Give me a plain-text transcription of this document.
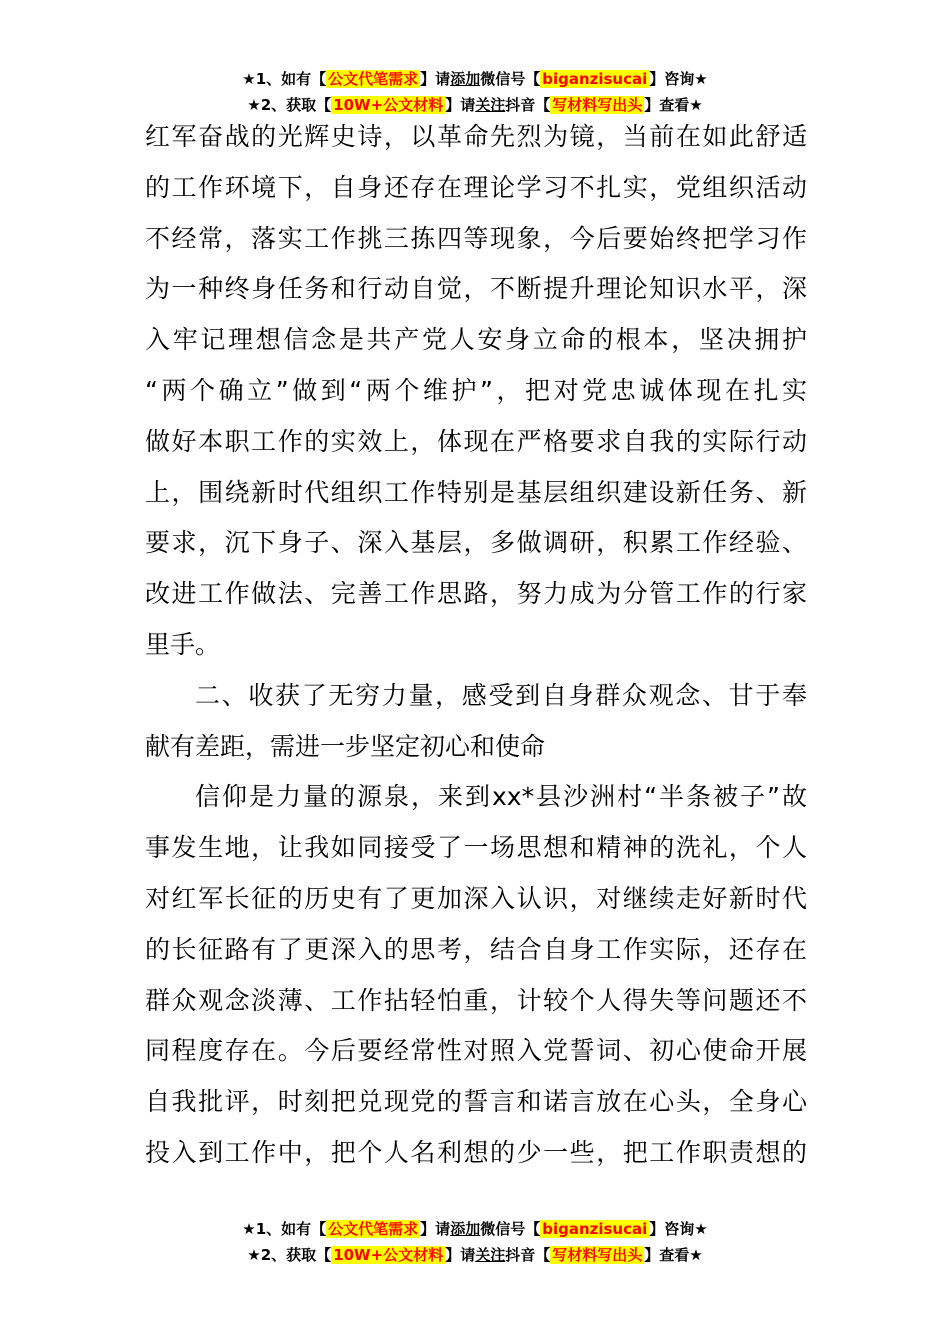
★1、如有【 公文代笔需求 】请添加微信号【 biganzisucai 】咨询★
★2、获取【 10W+公文材料 】请关注抖音【 写材料写出头 】查看★
红军奋战的光辉史诗，以革命先烈为镜，当前在如此舒适
的工作环境下，自身还存在理论学习不扎实，党组织活动
不经常，落实工作挑三拣四等现象，今后要始终把学习作
为一种终身任务和行动自觉，不断提升理论知识水平，深
入牢记理想信念是共产党人安身立命的根本，坚决拥护
“两个确立”做到“两个维护”，把对党忠诚体现在扎实
做好本职工作的实效上，体现在严格要求自我的实际行动
上，围绕新时代组织工作特别是基层组织建设新任务、新
要求，沉下身子、深入基层，多做调研，积累工作经验、
改进工作做法、完善工作思路，努力成为分管工作的行家
里手。
二、收获了无穷力量，感受到自身群众观念、甘于奉
献有差距，需进一步坚定初心和使命
信仰是力量的源泉，来到xx*县沙洲村“半条被子”故
事发生地，让我如同接受了一场思想和精神的洗礼，个人
对红军长征的历史有了更加深入认识，对继续走好新时代
的长征路有了更深入的思考，结合自身工作实际，还存在
群众观念淡薄、工作拈轻怕重，计较个人得失等问题还不
同程度存在。今后要经常性对照入党誓词、初心使命开展
自我批评，时刻把兑现党的誓言和诺言放在心头，全身心
投入到工作中，把个人名利想的少一些，把工作职责想的
★1、如有【 公文代笔需求 】请添加微信号【 biganzisucai 】咨询★
★2、获取【 10W+公文材料 】请关注抖音【 写材料写出头 】查看★
